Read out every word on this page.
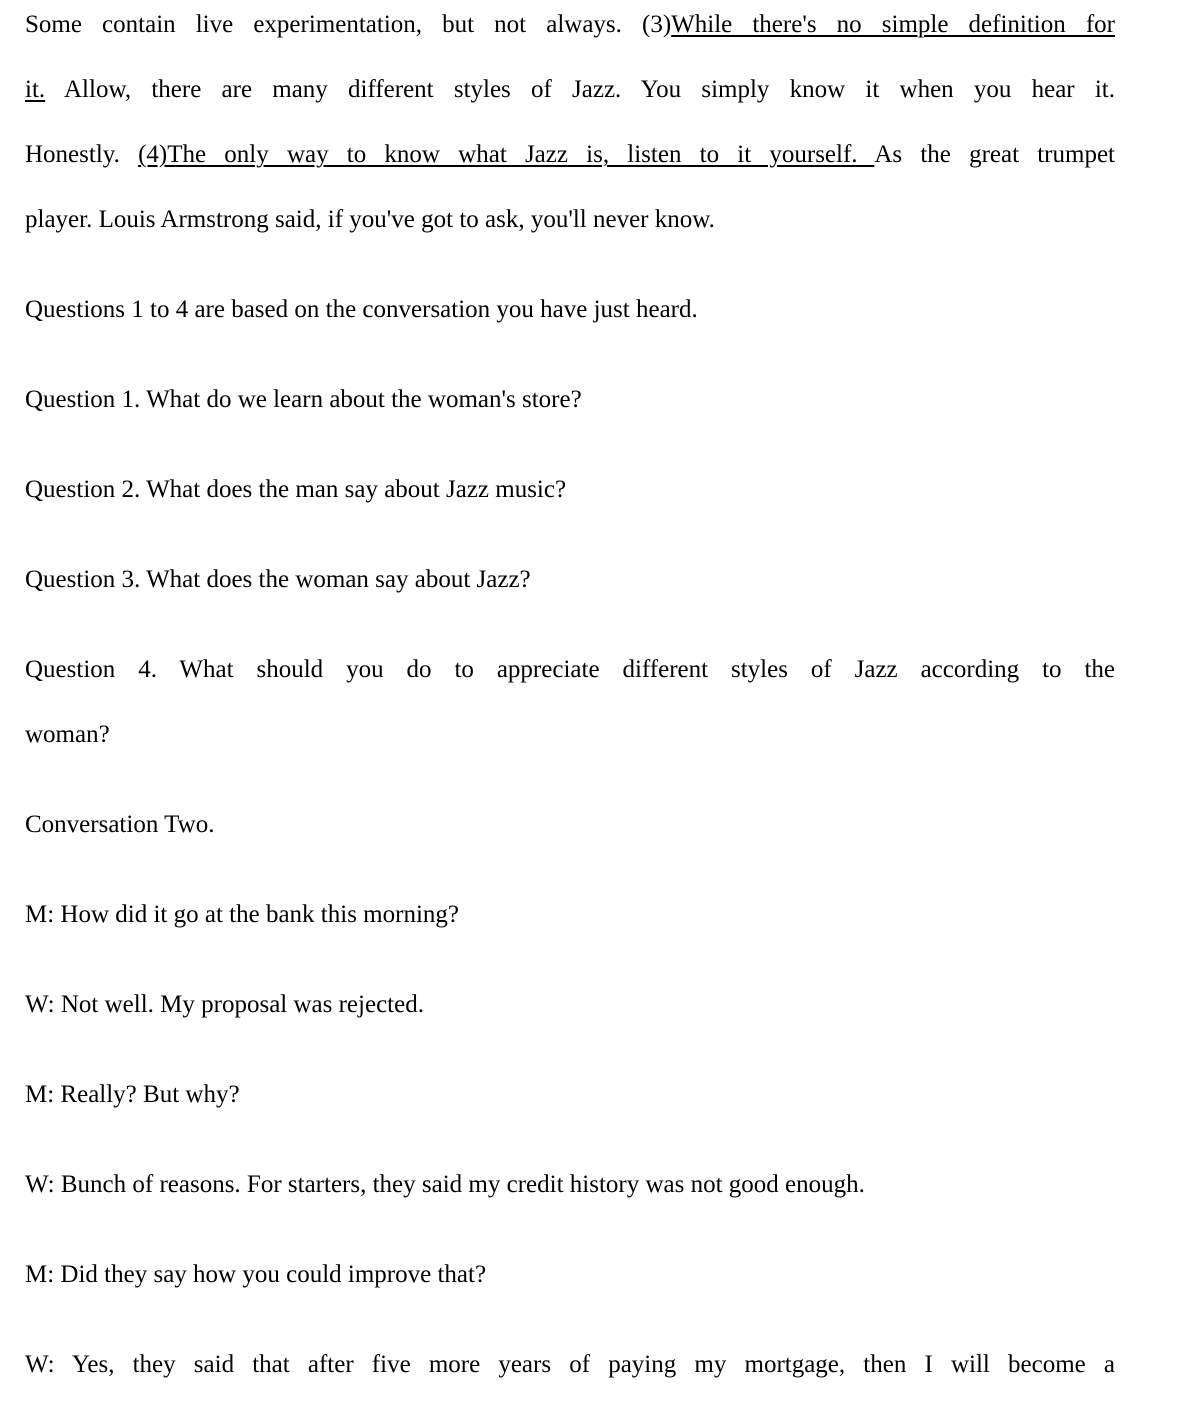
Some contain live experimentation, but not always. (3)While there's no simple definition for

it. Allow, there are many different styles of Jazz. You simply know it when you hear it.

Honestly. (4)The only way to know what Jazz is, listen to it yourself. As the great trumpet

player. Louis Armstrong said, if you've got to ask, you'll never know.

Questions 1 to 4 are based on the conversation you have just heard.

Question 1. What do we learn about the woman's store?

Question 2. What does the man say about Jazz music?

Question 3. What does the woman say about Jazz?

Question 4. What should you do to appreciate different styles of Jazz according to the

woman?

Conversation Two.

M: How did it go at the bank this morning?

W: Not well. My proposal was rejected.

M: Really? But why?

W: Bunch of reasons. For starters, they said my credit history was not good enough.

M: Did they say how you could improve that?

W: Yes, they said that after five more years of paying my mortgage, then I will become a
